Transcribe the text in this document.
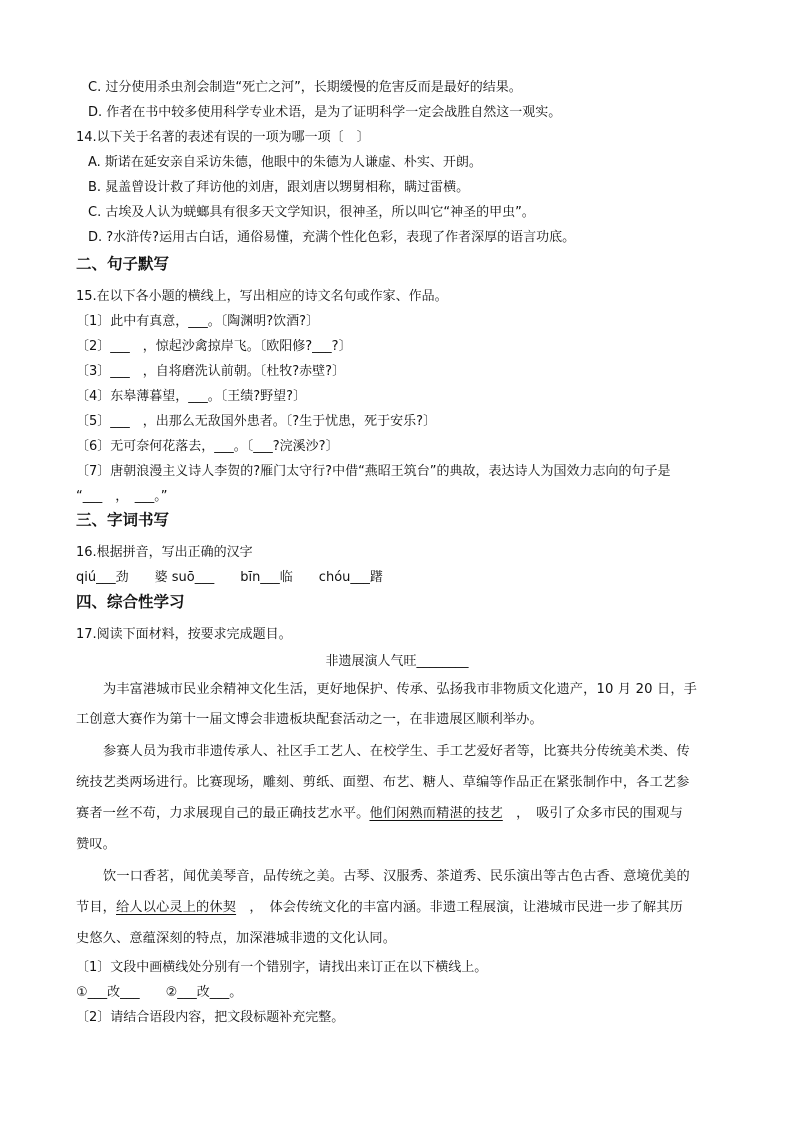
C. 过分使用杀虫剂会制造“死亡之河”，长期缓慢的危害反而是最好的结果。
D. 作者在书中较多使用科学专业术语，是为了证明科学一定会战胜自然这一观实。
14.以下关于名著的表述有误的一项为哪一项〔　〕
A. 斯诺在延安亲自采访朱德，他眼中的朱德为人谦虚、朴实、开朗。
B. 晁盖曾设计救了拜访他的刘唐，跟刘唐以甥舅相称，瞒过雷横。
C. 古埃及人认为蜣螂具有很多天文学知识，很神圣，所以叫它“神圣的甲虫”。
D. ?水浒传?运用古白话，通俗易懂，充满个性化色彩，表现了作者深厚的语言功底。
二、句子默写
15.在以下各小题的横线上，写出相应的诗文名句或作家、作品。
〔1〕此中有真意，___。〔陶渊明?饮酒?〕
〔2〕___　，惊起沙禽掠岸飞。〔欧阳修?___?〕
〔3〕___　，自将磨洗认前朝。〔杜牧?赤壁?〕
〔4〕东皋薄暮望，___。〔王绩?野望?〕
〔5〕___　，出那么无敌国外患者。〔?生于忧患，死于安乐?〕
〔6〕无可奈何花落去，___。〔___?浣溪沙?〕
〔7〕唐朝浪漫主义诗人李贺的?雁门太守行?中借“燕昭王筑台”的典故，表达诗人为国效力志向的句子是
“___　，　___。”
三、字词书写
16.根据拼音，写出正确的汉字
qiú___劲　　婆 suō___　　bīn___临　　chóu___躇
四、综合性学习
17.阅读下面材料，按要求完成题目。
非遗展演人气旺________
为丰富港城市民业余精神文化生活，更好地保护、传承、弘扬我市非物质文化遗产，10 月 20 日，手
工创意大赛作为第十一届文博会非遗板块配套活动之一，在非遗展区顺利举办。
参赛人员为我市非遗传承人、社区手工艺人、在校学生、手工艺爱好者等，比赛共分传统美术类、传
统技艺类两场进行。比赛现场，雕刻、剪纸、面塑、布艺、糖人、草编等作品正在紧张制作中，各工艺参
赛者一丝不苟，力求展现自己的最正确技艺水平。他们闲熟而精湛的技艺　，　吸引了众多市民的围观与
赞叹。
饮一口香茗，闻优美琴音，品传统之美。古琴、汉服秀、茶道秀、民乐演出等古色古香、意境优美的
节目，给人以心灵上的休契　，　体会传统文化的丰富内涵。非遗工程展演，让港城市民进一步了解其历
史悠久、意蕴深刻的特点，加深港城非遗的文化认同。
〔1〕文段中画横线处分别有一个错别字，请找出来订正在以下横线上。
①___改___　　②___改___。
〔2〕请结合语段内容，把文段标题补充完整。
